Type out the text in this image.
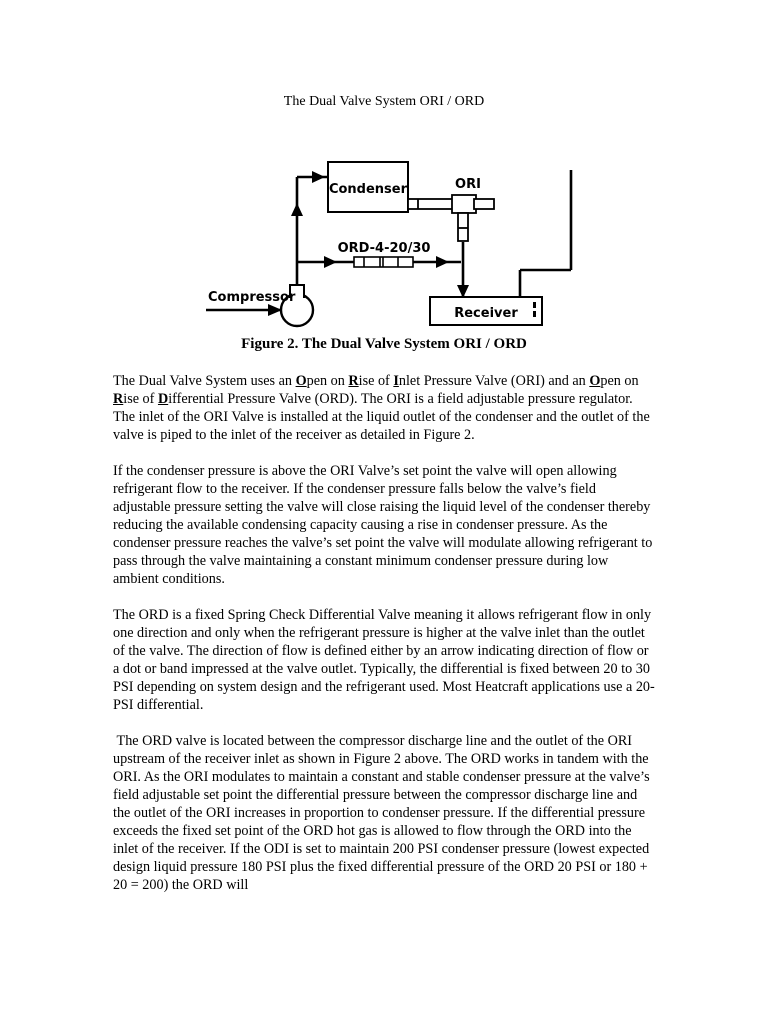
The Dual Valve System ORI / ORD
Condenser	ORI
ORD-4-20/30
Compressor
Receiver
Figure 2. The Dual Valve System ORI / ORD

The Dual Valve System uses an Open on Rise of Inlet Pressure Valve (ORI) and an Open on Rise of Differential Pressure Valve (ORD). The ORI is a field adjustable pressure regulator. The inlet of the ORI Valve is installed at the liquid outlet of the condenser and the outlet of the valve is piped to the inlet of the receiver as detailed in Figure 2.

If the condenser pressure is above the ORI Valve’s set point the valve will open allowing refrigerant flow to the receiver. If the condenser pressure falls below the valve’s field adjustable pressure setting the valve will close raising the liquid level of the condenser thereby reducing the available condensing capacity causing a rise in condenser pressure. As the condenser pressure reaches the valve’s set point the valve will modulate allowing refrigerant to pass through the valve maintaining a constant minimum condenser pressure during low ambient conditions.

The ORD is a fixed Spring Check Differential Valve meaning it allows refrigerant flow in only one direction and only when the refrigerant pressure is higher at the valve inlet than the outlet of the valve. The direction of flow is defined either by an arrow indicating direction of flow or a dot or band impressed at the valve outlet. Typically, the differential is fixed between 20 to 30 PSI depending on system design and the refrigerant used. Most Heatcraft applications use a 20-PSI differential.

The ORD valve is located between the compressor discharge line and the outlet of the ORI upstream of the receiver inlet as shown in Figure 2 above. The ORD works in tandem with the ORI. As the ORI modulates to maintain a constant and stable condenser pressure at the valve’s field adjustable set point the differential pressure between the compressor discharge line and the outlet of the ORI increases in proportion to condenser pressure. If the differential pressure exceeds the fixed set point of the ORD hot gas is allowed to flow through the ORD into the inlet of the receiver. If the ODI is set to maintain 200 PSI condenser pressure (lowest expected design liquid pressure 180 PSI plus the fixed differential pressure of the ORD 20 PSI or 180 + 20 = 200) the ORD will
